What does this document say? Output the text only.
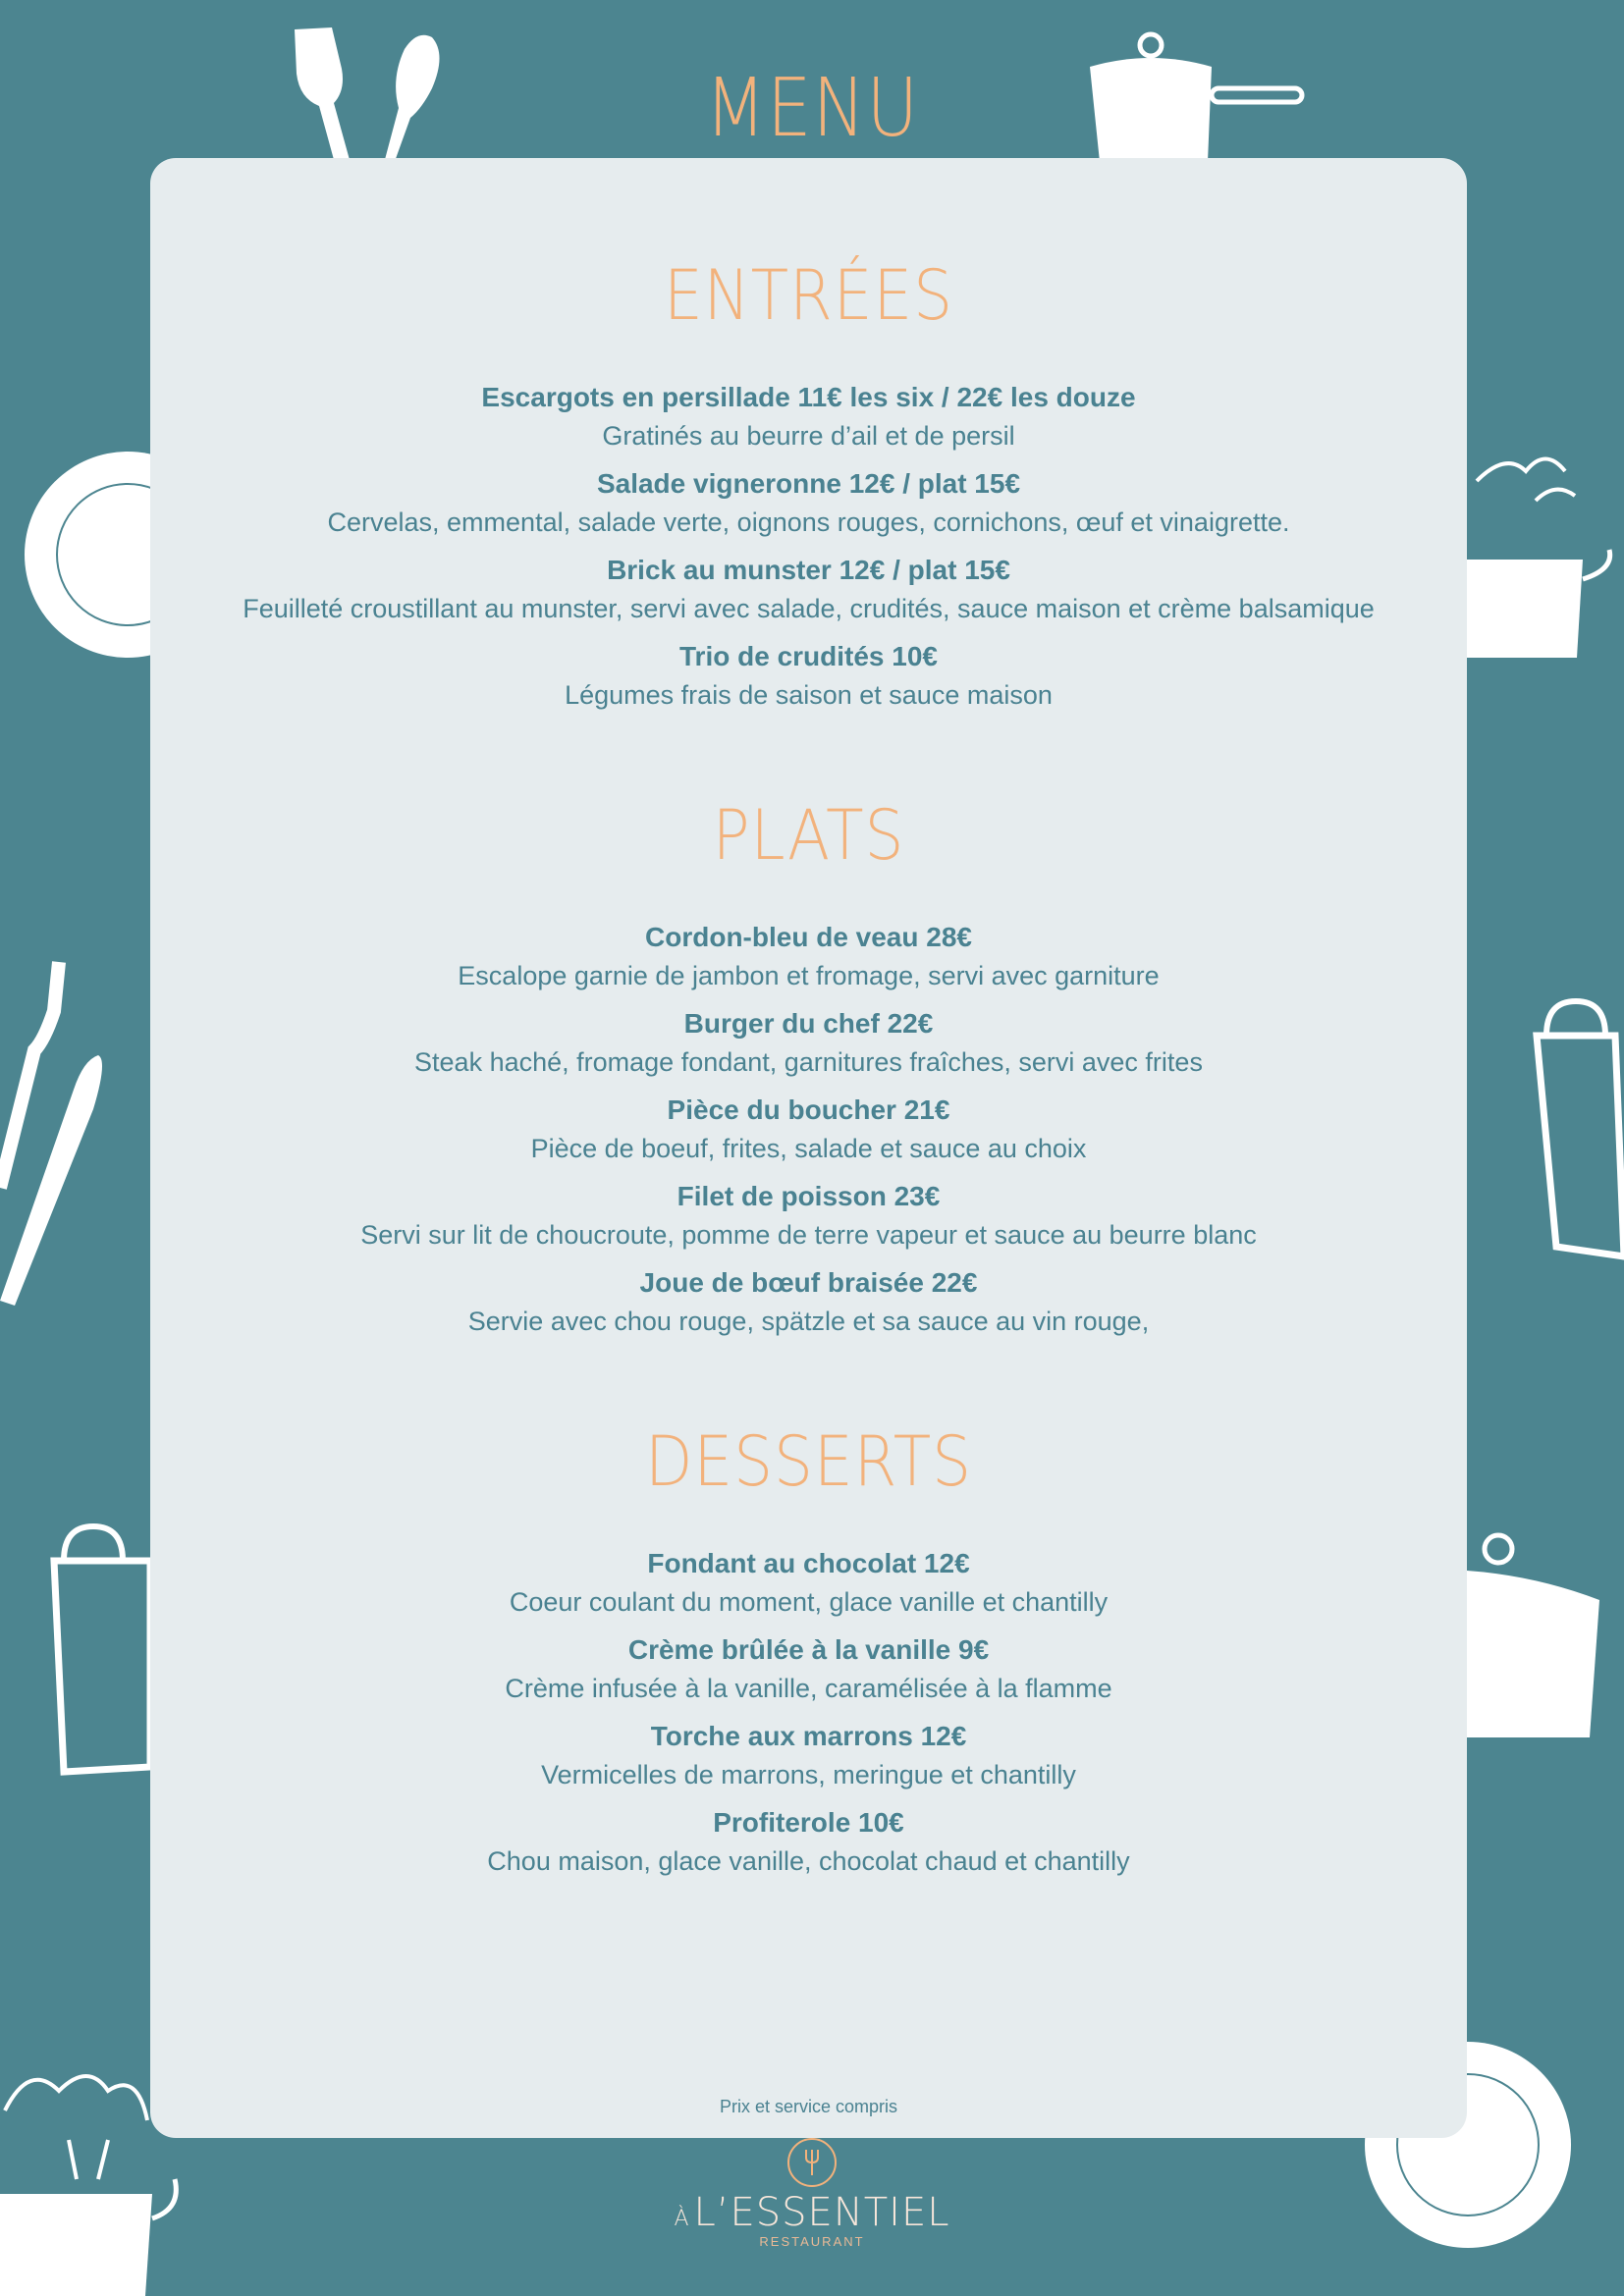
MENU
ENTRÉES

Escargots en persillade 11€ les six / 22€ les douze

Gratinés au beurre d’ail et de persil

Salade vigneronne 12€ / plat 15€

Cervelas, emmental, salade verte, oignons rouges, cornichons, œuf et vinaigrette.

Brick au munster 12€ / plat 15€

Feuilleté croustillant au munster, servi avec salade, crudités, sauce maison et crème balsamique

Trio de crudités 10€

Légumes frais de saison et sauce maison

PLATS

Cordon-bleu de veau 28€

Escalope garnie de jambon et fromage, servi avec garniture

Burger du chef 22€

Steak haché, fromage fondant, garnitures fraîches, servi avec frites

Pièce du boucher 21€

Pièce de boeuf, frites, salade et sauce au choix

Filet de poisson 23€

Servi sur lit de choucroute, pomme de terre vapeur et sauce au beurre blanc

Joue de bœuf braisée 22€

Servie avec chou rouge, spätzle et sa sauce au vin rouge,

DESSERTS

Fondant au chocolat 12€

Coeur coulant du moment, glace vanille et chantilly

Crème brûlée à la vanille 9€

Crème infusée à la vanille, caramélisée à la flamme

Torche aux marrons 12€

Vermicelles de marrons, meringue et chantilly

Profiterole 10€

Chou maison, glace vanille, chocolat chaud et chantilly

Prix et service compris
À L’ESSENTIEL
RESTAURANT
